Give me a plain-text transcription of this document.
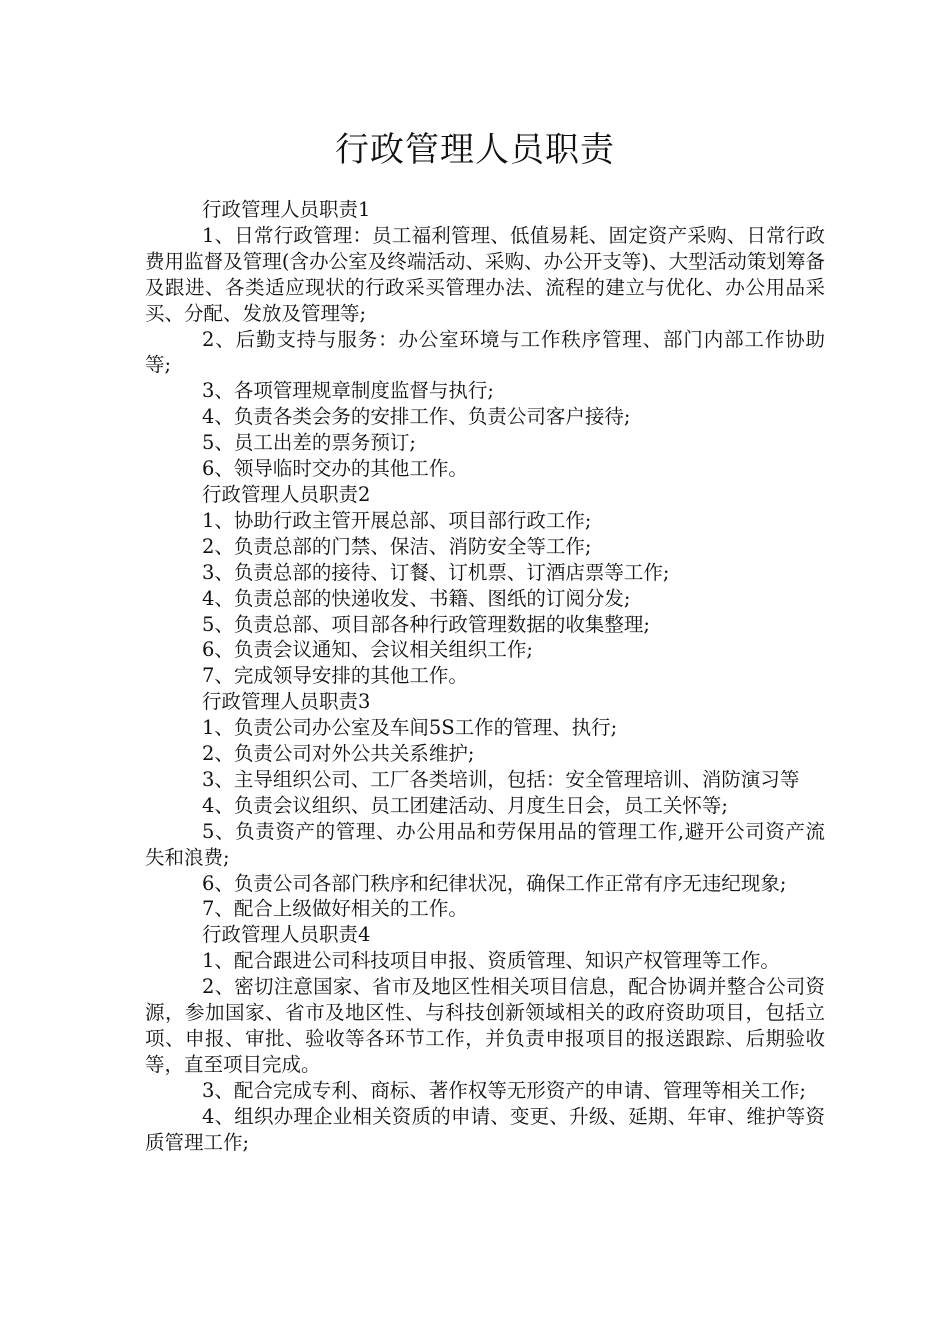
行政管理人员职责

行政管理人员职责1

1、日常行政管理：员工福利管理、低值易耗、固定资产采购、日常行政费用监督及管理(含办公室及终端活动、采购、办公开支等)、大型活动策划筹备及跟进、各类适应现状的行政采买管理办法、流程的建立与优化、办公用品采买、分配、发放及管理等;

2、后勤支持与服务：办公室环境与工作秩序管理、部门内部工作协助等;

3、各项管理规章制度监督与执行;

4、负责各类会务的安排工作、负责公司客户接待;

5、员工出差的票务预订;

6、领导临时交办的其他工作。

行政管理人员职责2

1、协助行政主管开展总部、项目部行政工作;

2、负责总部的门禁、保洁、消防安全等工作;

3、负责总部的接待、订餐、订机票、订酒店票等工作;

4、负责总部的快递收发、书籍、图纸的订阅分发;

5、负责总部、项目部各种行政管理数据的收集整理;

6、负责会议通知、会议相关组织工作;

7、完成领导安排的其他工作。

行政管理人员职责3

1、负责公司办公室及车间5S工作的管理、执行;

2、负责公司对外公共关系维护;

3、主导组织公司、工厂各类培训，包括：安全管理培训、消防演习等

4、负责会议组织、员工团建活动、月度生日会，员工关怀等;

5、负责资产的管理、办公用品和劳保用品的管理工作,避开公司资产流失和浪费;

6、负责公司各部门秩序和纪律状况，确保工作正常有序无违纪现象;

7、配合上级做好相关的工作。

行政管理人员职责4

1、配合跟进公司科技项目申报、资质管理、知识产权管理等工作。

2、密切注意国家、省市及地区性相关项目信息，配合协调并整合公司资源，参加国家、省市及地区性、与科技创新领域相关的政府资助项目，包括立项、申报、审批、验收等各环节工作，并负责申报项目的报送跟踪、后期验收等，直至项目完成。

3、配合完成专利、商标、著作权等无形资产的申请、管理等相关工作;

4、组织办理企业相关资质的申请、变更、升级、延期、年审、维护等资质管理工作;
